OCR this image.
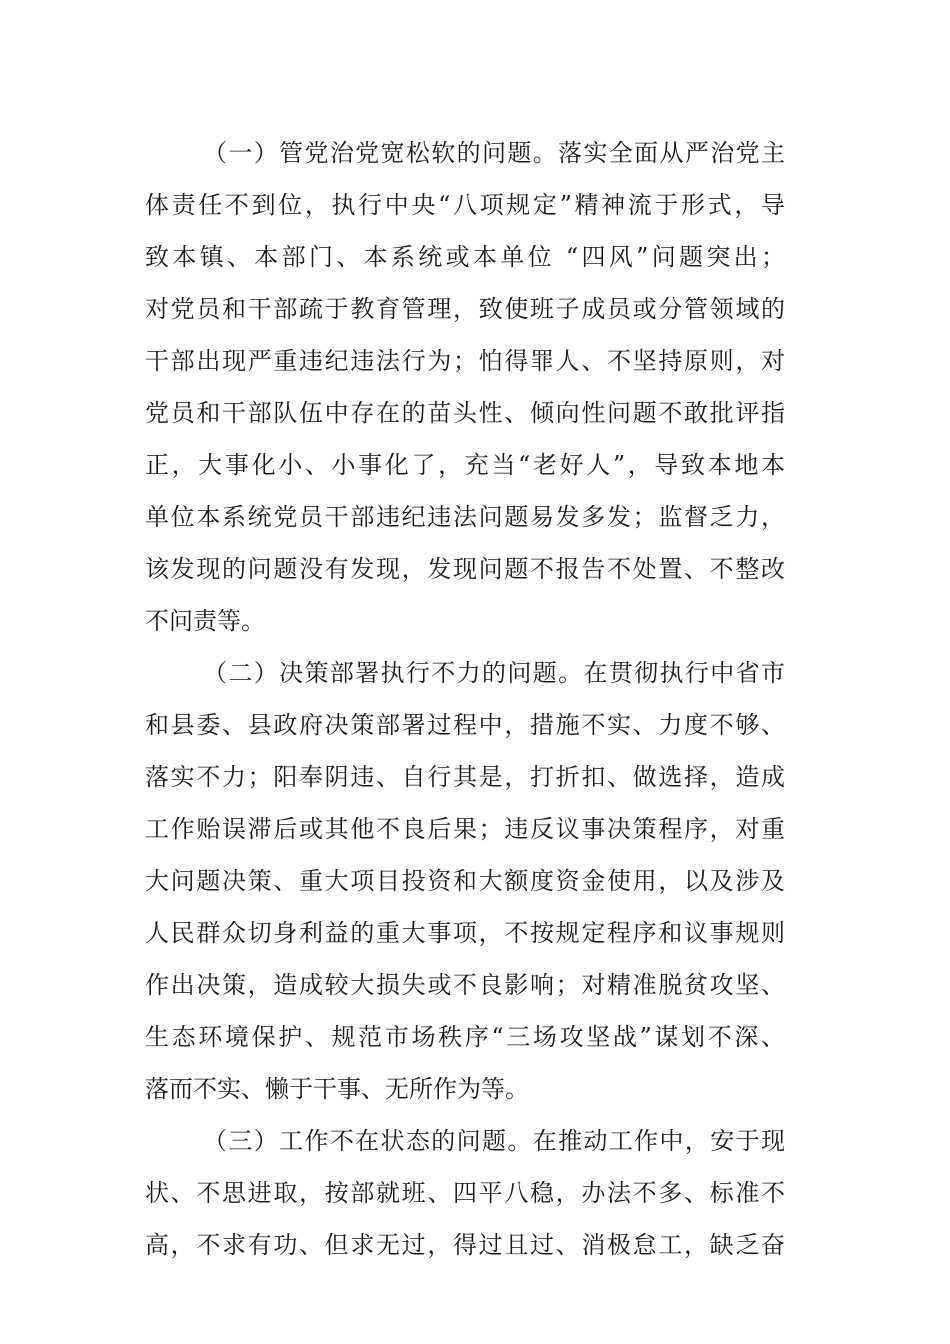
（一）管党治党宽松软的问题。落实全面从严治党主
体责任不到位，执行中央“八项规定”精神流于形式，导
致本镇、本部门、本系统或本单位 “四风”问题突出；
对党员和干部疏于教育管理，致使班子成员或分管领域的
干部出现严重违纪违法行为；怕得罪人、不坚持原则，对
党员和干部队伍中存在的苗头性、倾向性问题不敢批评指
正，大事化小、小事化了，充当“老好人”，导致本地本
单位本系统党员干部违纪违法问题易发多发；监督乏力，
该发现的问题没有发现，发现问题不报告不处置、不整改
不问责等。
（二）决策部署执行不力的问题。在贯彻执行中省市
和县委、县政府决策部署过程中，措施不实、力度不够、
落实不力；阳奉阴违、自行其是，打折扣、做选择，造成
工作贻误滞后或其他不良后果；违反议事决策程序，对重
大问题决策、重大项目投资和大额度资金使用，以及涉及
人民群众切身利益的重大事项，不按规定程序和议事规则
作出决策，造成较大损失或不良影响；对精准脱贫攻坚、
生态环境保护、规范市场秩序“三场攻坚战”谋划不深、
落而不实、懒于干事、无所作为等。
（三）工作不在状态的问题。在推动工作中，安于现
状、不思进取，按部就班、四平八稳，办法不多、标准不
高，不求有功、但求无过，得过且过、消极怠工，缺乏奋
